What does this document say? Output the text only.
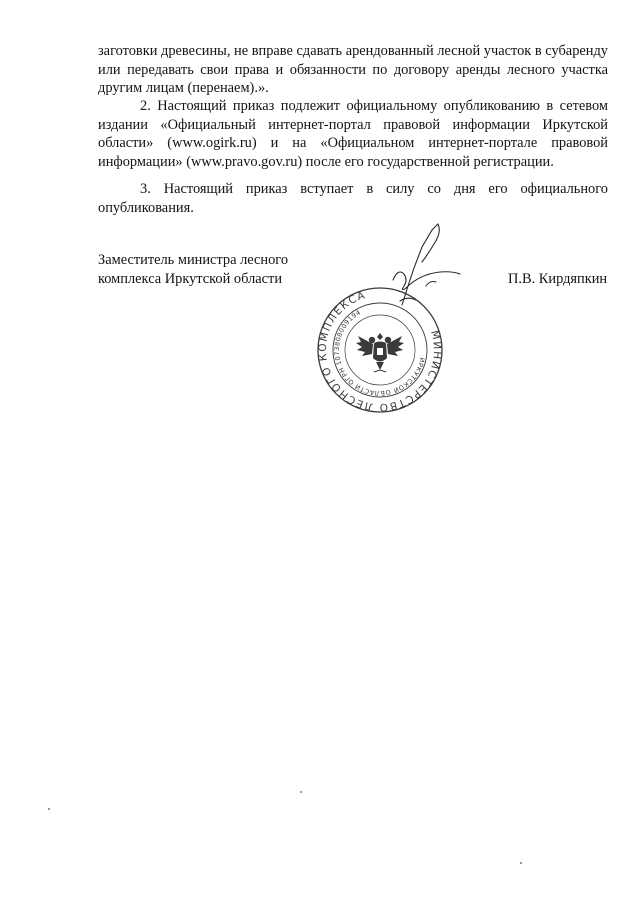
заготовки древесины, не вправе сдавать арендованный лесной участок в субаренду или передавать свои права и обязанности по договору аренды лесного участка другим лицам (перенаем).».

2. Настоящий приказ подлежит официальному опубликованию в сетевом издании «Официальный интернет-портал правовой информации Иркутской области» (www.ogirk.ru) и на «Официальном интернет-портале правовой информации» (www.pravo.gov.ru) после его государственной регистрации.

3. Настоящий приказ вступает в силу со дня его официального опубликования.

Заместитель министра лесного комплекса Иркутской области	П.В. Кирдяпкин
МИНИСТЕРСТВО ЛЕСНОГО КОМПЛЕКСА
ИРКУТСКОЙ ОБЛАСТИ ОГРН 1073808009194
